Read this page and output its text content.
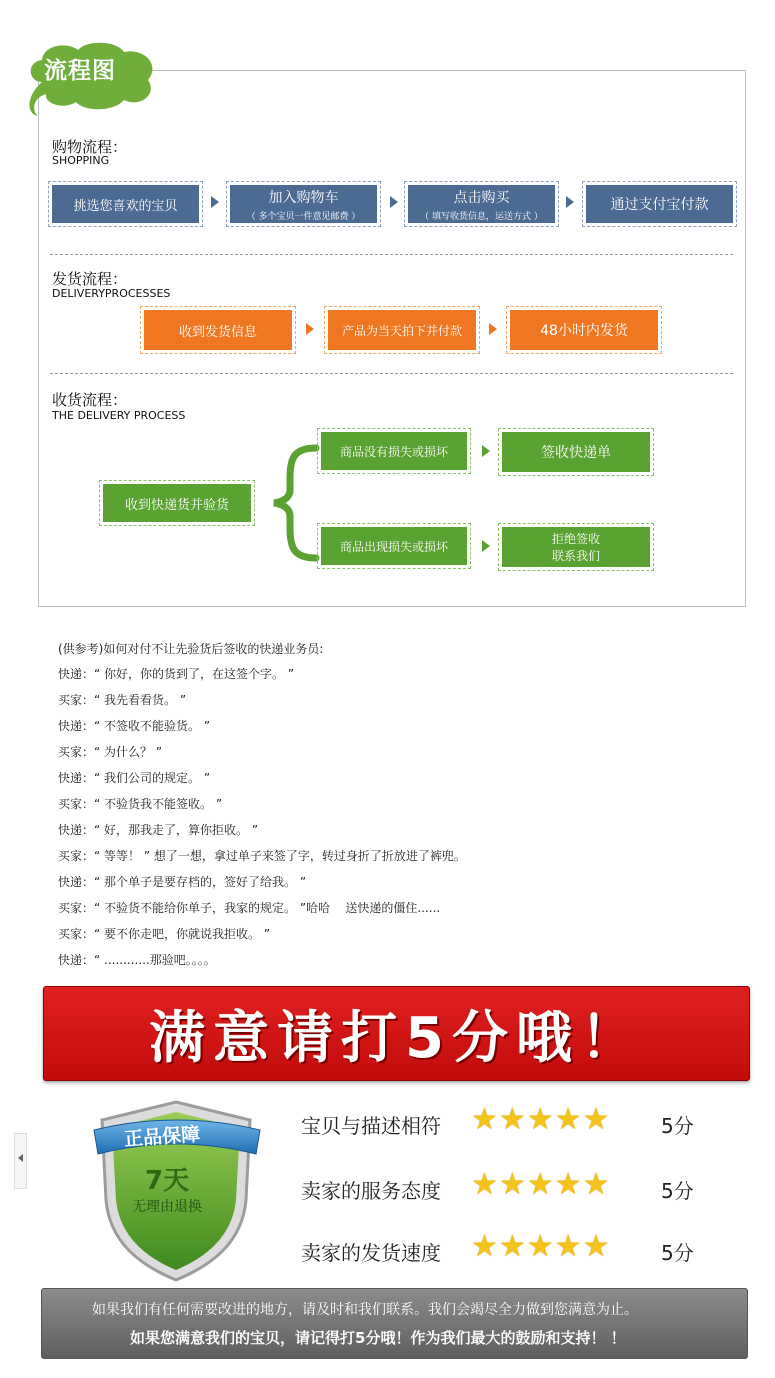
流程图
购物流程：
SHOPPING
挑选您喜欢的宝贝
加入购物车
（ 多个宝贝一件意见邮费 ）
点击购买
（ 填写收货信息，运送方式 ）
通过支付宝付款
发货流程：
DELIVERYPROCESSES
收到发货信息	产品为当天拍下并付款	48小时内发货
收货流程：
THE DELIVERY PROCESS
收到快递货并验货
商品没有损失或损坏	签收快递单
商品出现损失或损坏
拒绝签收
联系我们
(供参考)如何对付不让先验货后签收的快递业务员:
快递：“ 你好，你的货到了，在这签个字。 ”
买家：“ 我先看看货。 ”
快递：“ 不签收不能验货。 ”
买家：“ 为什么？ ”
快递：“ 我们公司的规定。 ”
买家：“ 不验货我不能签收。 ”
快递：“ 好，那我走了，算你拒收。 ”
买家：“ 等等！ ” 想了一想，拿过单子来签了字，转过身折了折放进了裤兜。
快递：“ 那个单子是要存档的，签好了给我。 ”
买家：“ 不验货不能给你单子，我家的规定。 ”哈哈    送快递的僵住......
买家：“ 要不你走吧，你就说我拒收。 ”
快递：“ ............那验吧。。。。
满意请打5分哦！
正品保障
7天
无理由退换
宝贝与描述相符 ★★★★★	5分
卖家的服务态度 ★★★★★	5分
卖家的发货速度 ★★★★★	5分
如果我们有任何需要改进的地方，请及时和我们联系。我们会竭尽全力做到您满意为止。
如果您满意我们的宝贝，请记得打5分哦！作为我们最大的鼓励和支持！ ！
